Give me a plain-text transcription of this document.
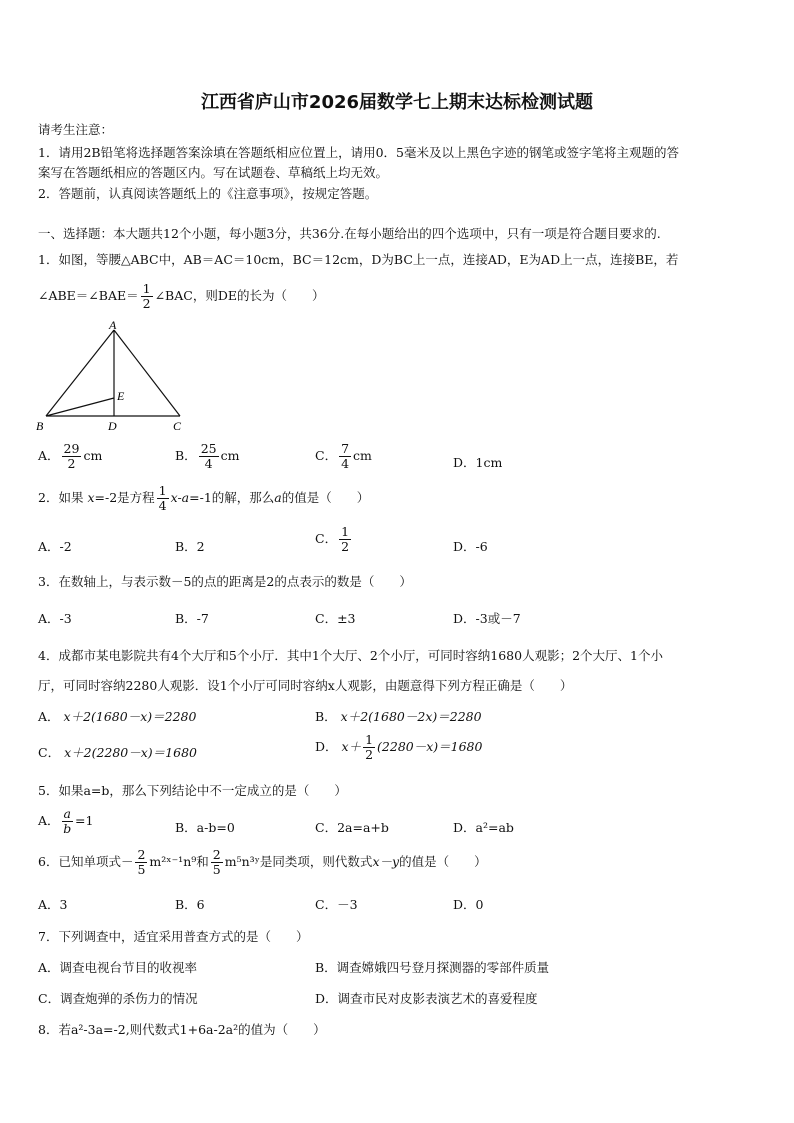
江西省庐山市2026届数学七上期末达标检测试题
请考生注意：
1．请用2B铅笔将选择题答案涂填在答题纸相应位置上，请用0．5毫米及以上黑色字迹的钢笔或签字笔将主观题的答
案写在答题纸相应的答题区内。写在试题卷、草稿纸上均无效。
2．答题前，认真阅读答题纸上的《注意事项》，按规定答题。
一、选择题：本大题共12个小题，每小题3分，共36分.在每小题给出的四个选项中，只有一项是符合题目要求的.
1．如图，等腰△ABC中，AB＝AC＝10cm，BC＝12cm，D为BC上一点，连接AD，E为AD上一点，连接BE，若
∠ABE＝∠BAE＝ $\frac{1}{2}$ ∠BAC，则DE的长为（　　）
A
B	C
D
E
A． $\frac{29}{2}$ cm	B． $\frac{25}{4}$ cm	C． $\frac{7}{4}$ cm	D．1cm
2．如果 x=-2是方程 $\frac{1}{4} x-a=-1$的解，那么a的值是（　　）
A．-2	B．2
C． $\frac{1}{2}$	D．-6
3．在数轴上，与表示数－5的点的距离是2的点表示的数是（　　）
A．-3	B．-7	C．±3	D．-3或－7
4．成都市某电影院共有4个大厅和5个小厅．其中1个大厅、2个小厅，可同时容纳1680人观影；2个大厅、1个小
厅，可同时容纳2280人观影．设1个小厅可同时容纳x人观影，由题意得下列方程正确是（　　）
A． x＋2(1680－x)＝2280	B． x＋2(1680－2x)＝2280
C． x＋2(2280－x)＝1680	D． $x+ \frac{1}{2} (2280-x)=1680$
5．如果a=b，那么下列结论中不一定成立的是（　　）
A． $\frac{a}{b} =1$	B．a-b=0	C．2a=a+b	D．a²=ab
6．已知单项式－ $\frac{2}{5}$ m²ˣ⁻¹n⁹和 $\frac{2}{5}$ m⁵n³ʸ是同类项，则代数式x－y的值是（　　）
A．3	B．6	C．－3	D．0
7．下列调查中，适宜采用普查方式的是（　　）
A．调查电视台节目的收视率	B．调查嫦娥四号登月探测器的零部件质量
C．调查炮弹的杀伤力的情况	D．调查市民对皮影表演艺术的喜爱程度
8．若a²-3a=-2,则代数式1+6a-2a²的值为（　　）
